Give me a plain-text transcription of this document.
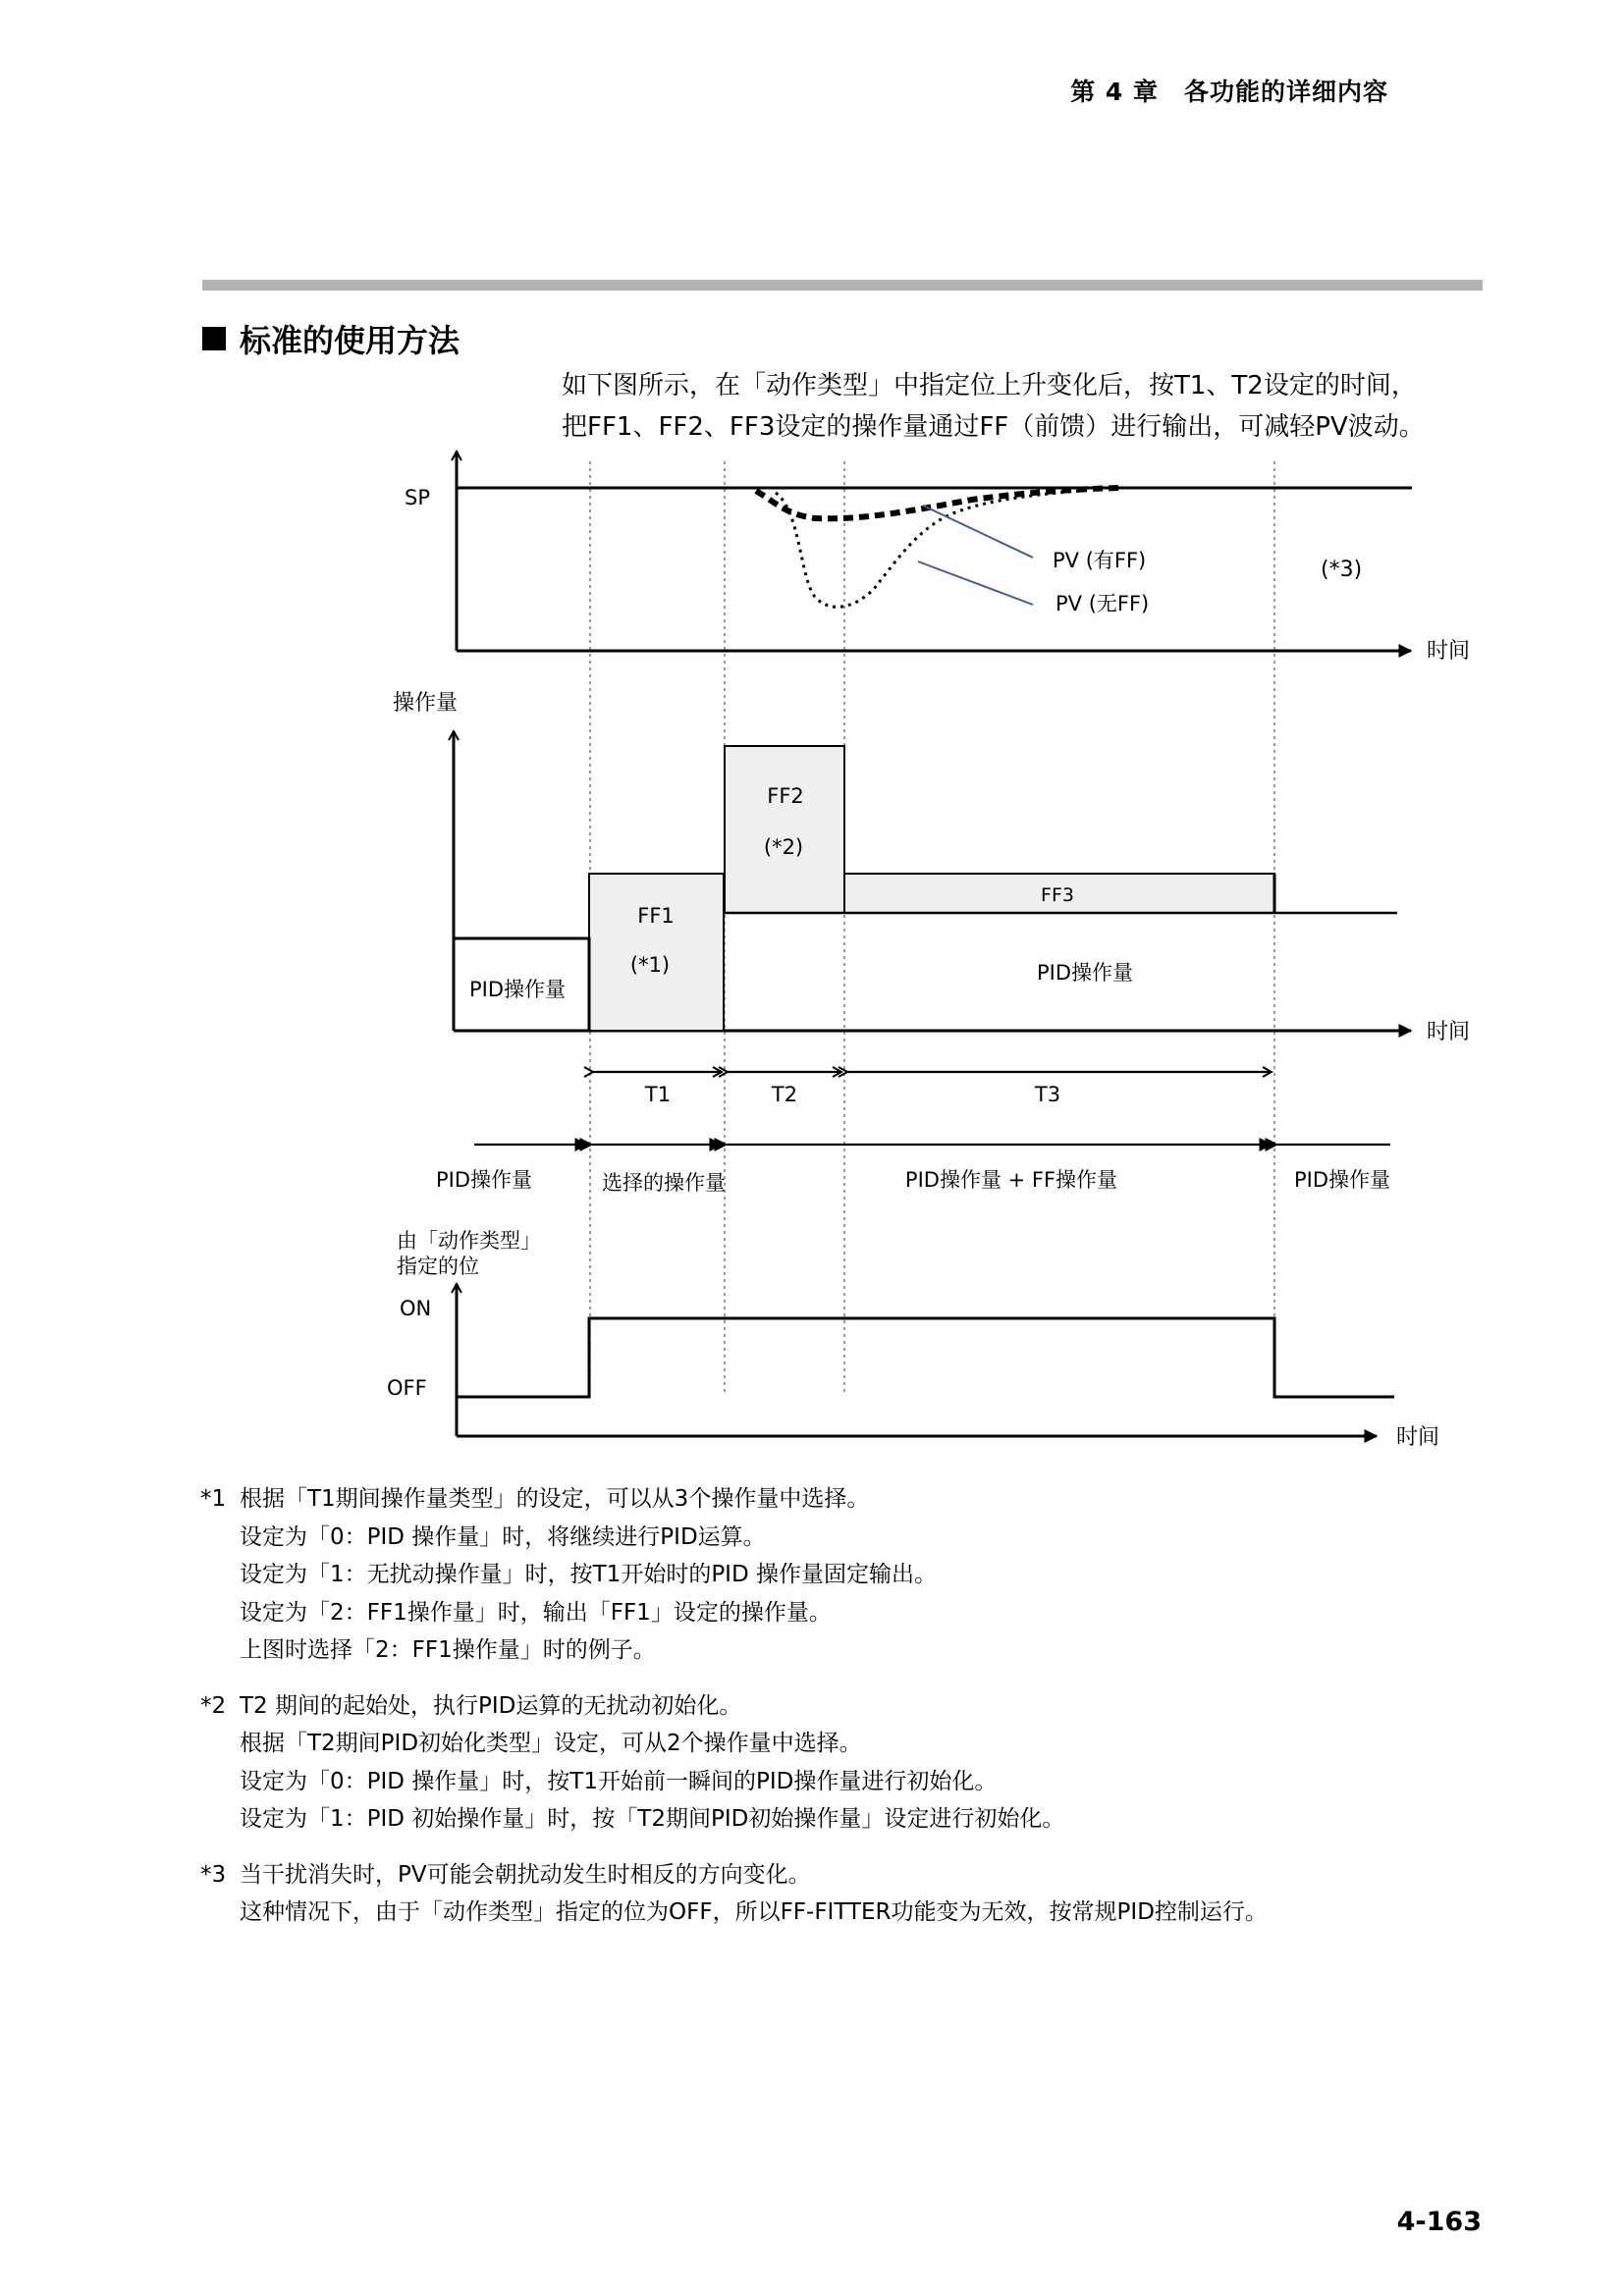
第 4 章　各功能的详细内容
标准的使用方法
如下图所示，在「动作类型」中指定位上升变化后，按T1、T2设定的时间，
把FF1、FF2、FF3设定的操作量通过FF（前馈）进行输出，可减轻PV波动。
SP
PV (有FF)
PV (无FF)
(*3)
时间
操作量
PID操作量
FF1
(*1)
FF2
(*2)
FF3
PID操作量
时间
T1	T2	T3
PID操作量	选择的操作量	PID操作量 + FF操作量	PID操作量
由「动作类型」
指定的位
ON
OFF
时间
*1 根据「T1期间操作量类型」的设定，可以从3个操作量中选择。
设定为「0：PID 操作量」时，将继续进行PID运算。
设定为「1：无扰动操作量」时，按T1开始时的PID 操作量固定输出。
设定为「2：FF1操作量」时，输出「FF1」设定的操作量。
上图时选择「2：FF1操作量」时的例子。
*2 T2 期间的起始处，执行PID运算的无扰动初始化。
根据「T2期间PID初始化类型」设定，可从2个操作量中选择。
设定为「0：PID 操作量」时，按T1开始前一瞬间的PID操作量进行初始化。
设定为「1：PID 初始操作量」时，按「T2期间PID初始操作量」设定进行初始化。
*3 当干扰消失时，PV可能会朝扰动发生时相反的方向变化。
这种情况下，由于「动作类型」指定的位为OFF，所以FF-FITTER功能变为无效，按常规PID控制运行。
4-163
